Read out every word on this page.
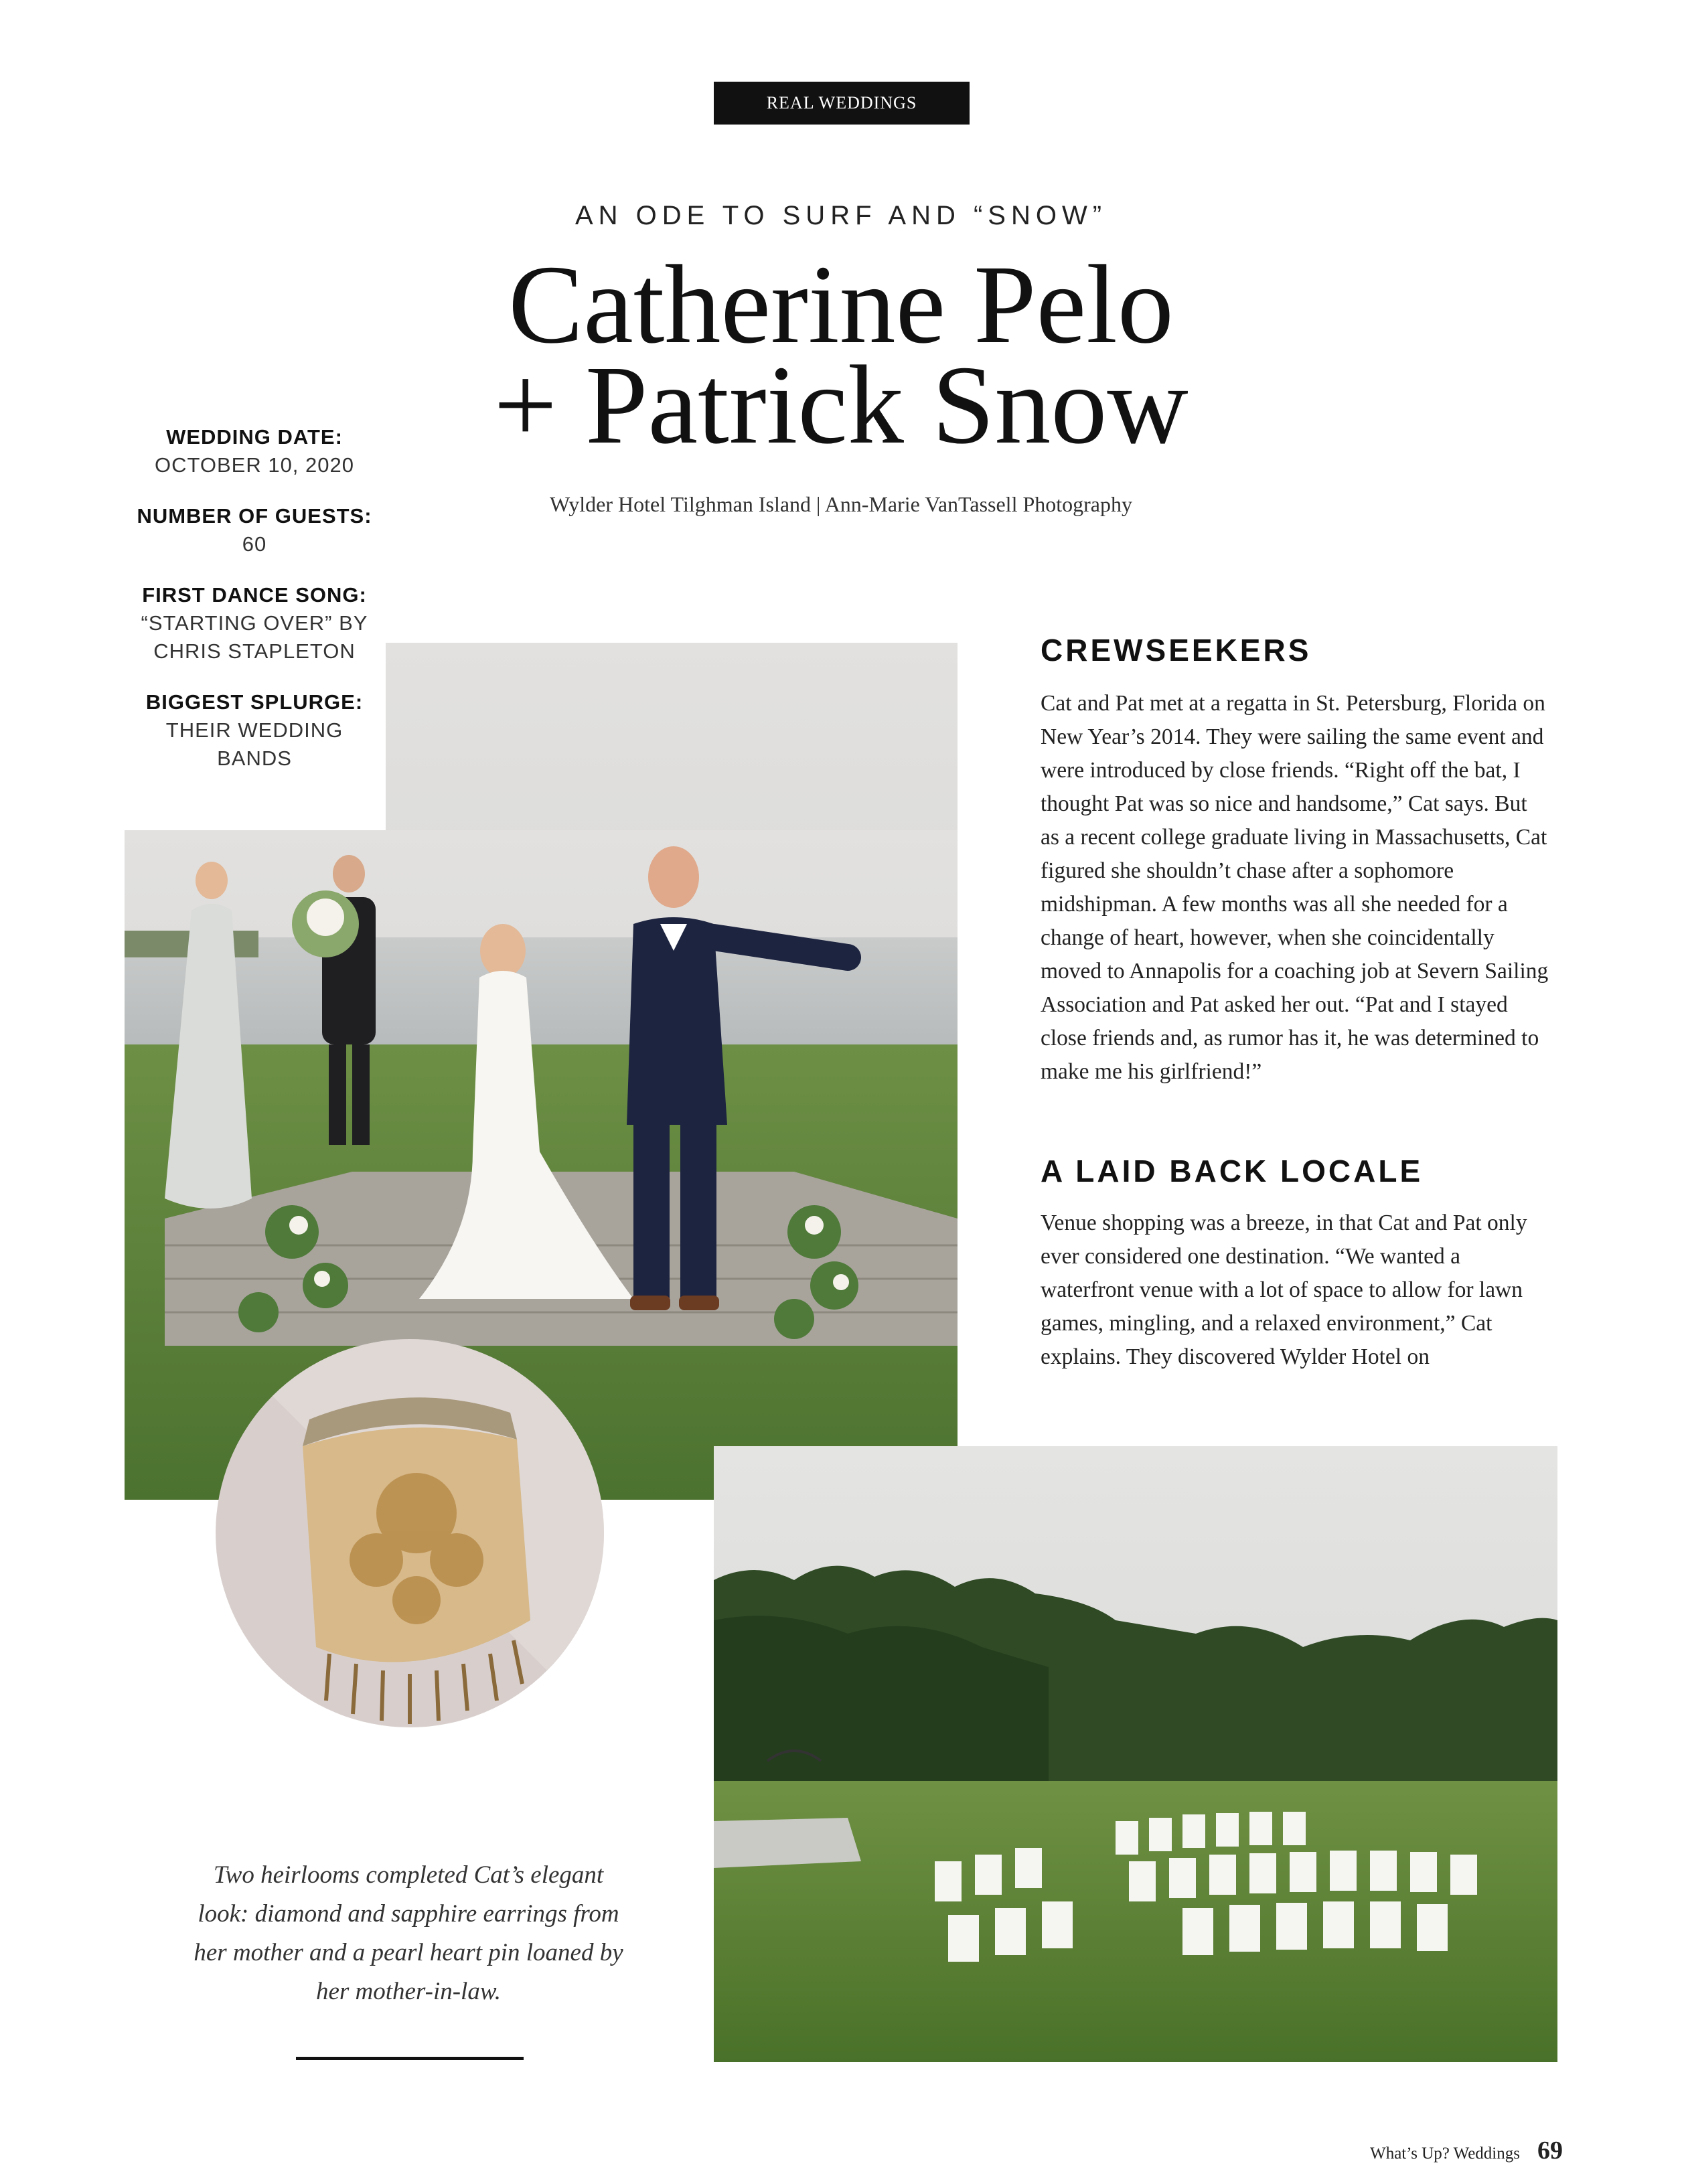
REAL WEDDINGS
AN ODE TO SURF AND “SNOW”
Catherine Pelo
+ Patrick Snow
Wylder Hotel Tilghman Island | Ann-Marie VanTassell Photography
WEDDING DATE:
OCTOBER 10, 2020
NUMBER OF GUESTS: 60
FIRST DANCE SONG: “STARTING OVER” BY CHRIS STAPLETON
BIGGEST SPLURGE:
THEIR WEDDING BANDS
CREWSEEKERS
Cat and Pat met at a regatta in St. Petersburg, Florida on New Year’s 2014. They were sailing the same event and were introduced by close friends. “Right off the bat, I thought Pat was so nice and handsome,” Cat says. But as a recent college graduate living in Massachusetts, Cat figured she shouldn’t chase after a sophomore midshipman. A few months was all she needed for a change of heart, however, when she coincidentally moved to Annapolis for a coaching job at Severn Sailing Association and Pat asked her out. “Pat and I stayed close friends and, as rumor has it, he was determined to make me his girlfriend!”
A LAID BACK LOCALE
Venue shopping was a breeze, in that Cat and Pat only ever considered one destination. “We wanted a waterfront venue with a lot of space to allow for lawn games, mingling, and a relaxed environment,” Cat explains. They discovered Wylder Hotel on
Two heirlooms completed Cat’s elegant look: diamond and sapphire earrings from her mother and a pearl heart pin loaned by her mother-in-law.
What’s Up? Weddings 69
